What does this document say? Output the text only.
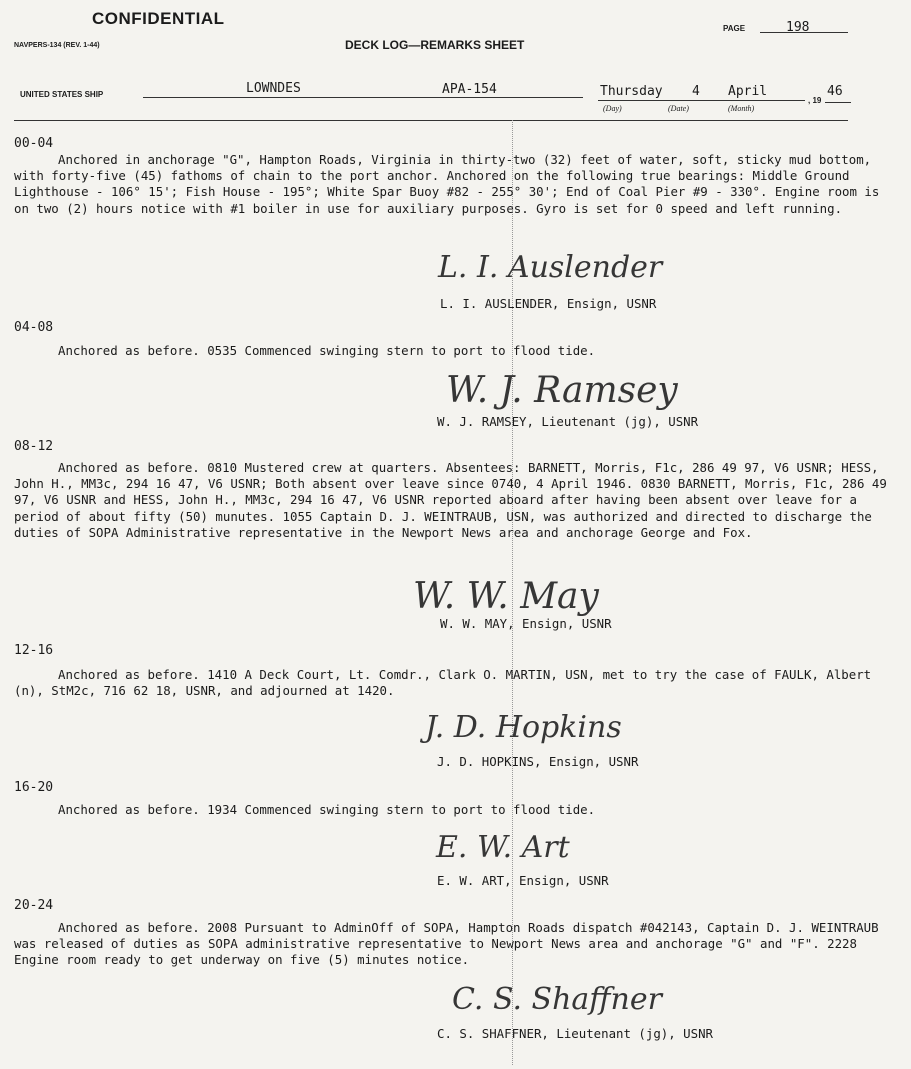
CONFIDENTIAL
NAVPERS-134 (REV. 1-44)	DECK LOG—REMARKS SHEET
PAGE	198
UNITED STATES SHIP	LOWNDES	APA-154	Thursday 4 April
(Day)	(Date)	(Month)
, 19
46
00-04
Anchored in anchorage "G", Hampton Roads, Virginia in thirty-two (32) feet of water, soft, sticky mud bottom, with forty-five (45) fathoms of chain to the port anchor. Anchored on the following true bearings: Middle Ground Lighthouse - 106° 15'; Fish House - 195°; White Spar Buoy #82 - 255° 30'; End of Coal Pier #9 - 330°. Engine room is on two (2) hours notice with #1 boiler in use for auxiliary purposes. Gyro is set for 0 speed and left running.
L. I. Auslender
L. I. AUSLENDER, Ensign, USNR
04-08
Anchored as before. 0535 Commenced swinging stern to port to flood tide.
W. J. Ramsey
W. J. RAMSEY, Lieutenant (jg), USNR
08-12
Anchored as before. 0810 Mustered crew at quarters. Absentees: BARNETT, Morris, F1c, 286 49 97, V6 USNR; HESS, John H., MM3c, 294 16 47, V6 USNR; Both absent over leave since 0740, 4 April 1946. 0830 BARNETT, Morris, F1c, 286 49 97, V6 USNR and HESS, John H., MM3c, 294 16 47, V6 USNR reported aboard after having been absent over leave for a period of about fifty (50) munutes. 1055 Captain D. J. WEINTRAUB, USN, was authorized and directed to discharge the duties of SOPA Administrative representative in the Newport News area and anchorage George and Fox.
W. W. May
W. W. MAY, Ensign, USNR
12-16
Anchored as before. 1410 A Deck Court, Lt. Comdr., Clark O. MARTIN, USN, met to try the case of FAULK, Albert (n), StM2c, 716 62 18, USNR, and adjourned at 1420.
J. D. Hopkins
J. D. HOPKINS, Ensign, USNR
16-20
Anchored as before. 1934 Commenced swinging stern to port to flood tide.
E. W. Art
E. W. ART, Ensign, USNR
20-24
Anchored as before. 2008 Pursuant to AdminOff of SOPA, Hampton Roads dispatch #042143, Captain D. J. WEINTRAUB was released of duties as SOPA administrative representative to Newport News area and anchorage "G" and "F". 2228 Engine room ready to get underway on five (5) minutes notice.
C. S. Shaffner
C. S. SHAFFNER, Lieutenant (jg), USNR
